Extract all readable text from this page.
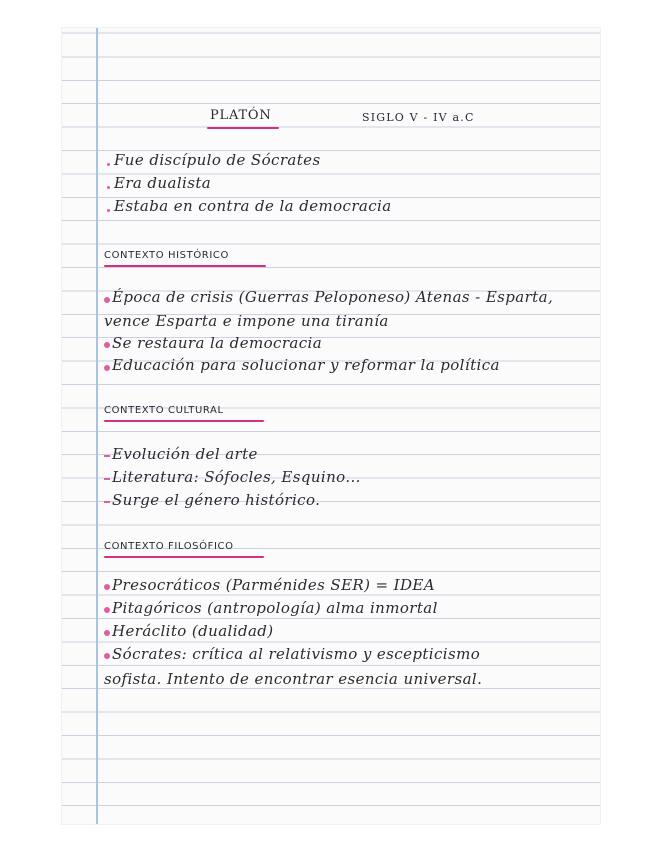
PLATÓN	SIGLO V - IV a.C

Fue discípulo de Sócrates

Era dualista

Estaba en contra de la democracia

CONTEXTO HISTÓRICO

Época de crisis (Guerras Peloponeso) Atenas - Esparta,

vence Esparta e impone una tiranía

Se restaura la democracia

Educación para solucionar y reformar la política

CONTEXTO CULTURAL

Evolución del arte

Literatura: Sófocles, Esquino...

Surge el género histórico.

CONTEXTO FILOSÓFICO

Presocráticos (Parménides SER) = IDEA

Pitagóricos (antropología) alma inmortal

Heráclito (dualidad)

Sócrates: crítica al relativismo y escepticismo

sofista. Intento de encontrar esencia universal.
